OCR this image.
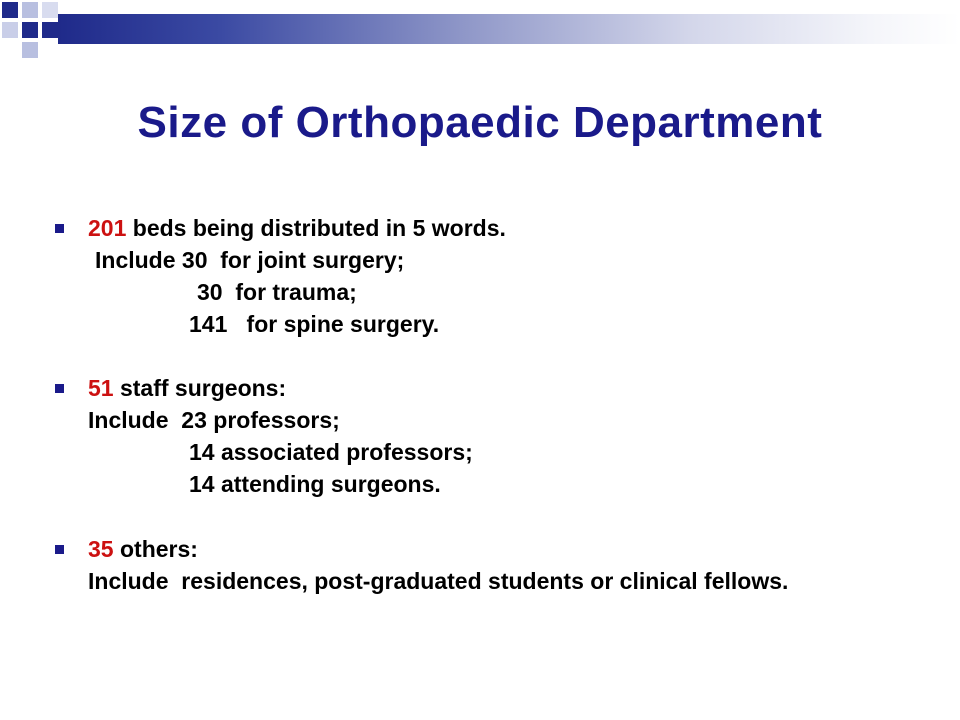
Size of Orthopaedic Department
201 beds being distributed in 5 words.
Include 30  for joint surgery;
30  for trauma;
141   for spine surgery.
51 staff surgeons:
Include  23 professors;
14 associated professors;
14 attending surgeons.
35 others:
Include  residences, post-graduated students or clinical fellows.
